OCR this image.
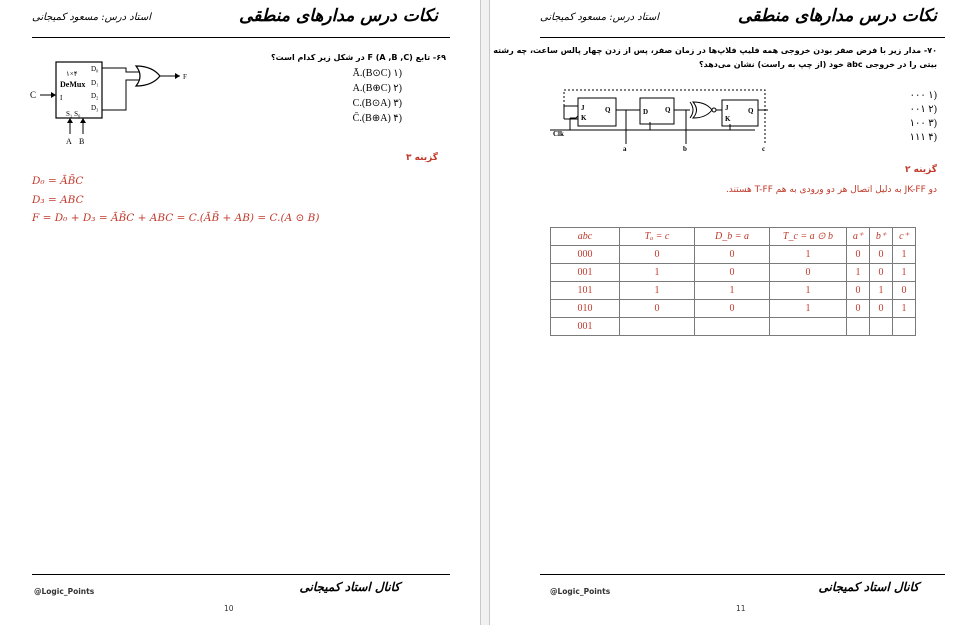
استاد درس: مسعود کمیجانی	نکات درس مدارهای منطقی
۱×۴
DeMux
D₀
D₁
D₂
D₃
I
S₁ S₀
C
A B
F
۶۹- تابع F (A ,B ,C) در شکل زیر کدام است؟
(۱ Ā.(B⊙C)
(۲ A.(B⊕C)
(۳ C.(B⊙A)
(۴ C̄.(B⊕A)
گزینه ۳
D₀ = ĀB̄C
D₃ = ABC
F = D₀ + D₃ = ĀB̄C + ABC = C.(ĀB̄ + AB) = C.(A ⊙ B)
@Logic_Points	کانال استاد کمیجانی
10
استاد درس: مسعود کمیجانی	نکات درس مدارهای منطقی
۷۰- مدار زیر با فرض صفر بودن خروجی همه فلیپ فلاپ‌ها در زمان صفر، پس از زدن چهار پالس ساعت، چه رشته
بیتی را در خروجی abc خود (از چپ به راست) نشان می‌دهد؟
Clk
J
K
Q
a
D Q
b
J
K
Q
c
(۱ ۰۰۰
(۲ ۰۰۱
(۳ ۱۰۰
(۴ ۱۱۱
گزینه ۲
دو JK-FF به دلیل اتصال هر دو ورودی به هم T-FF هستند.
abc	Tₐ = c	D_b = a	T_c = a ⊙ b	a⁺	b⁺	c⁺
000	0	0	1	0	0	1
001	1	0	0	1	0	1
101	1	1	1	0	1	0
010	0	0	1	0	0	1
001						
@Logic_Points	کانال استاد کمیجانی
11
